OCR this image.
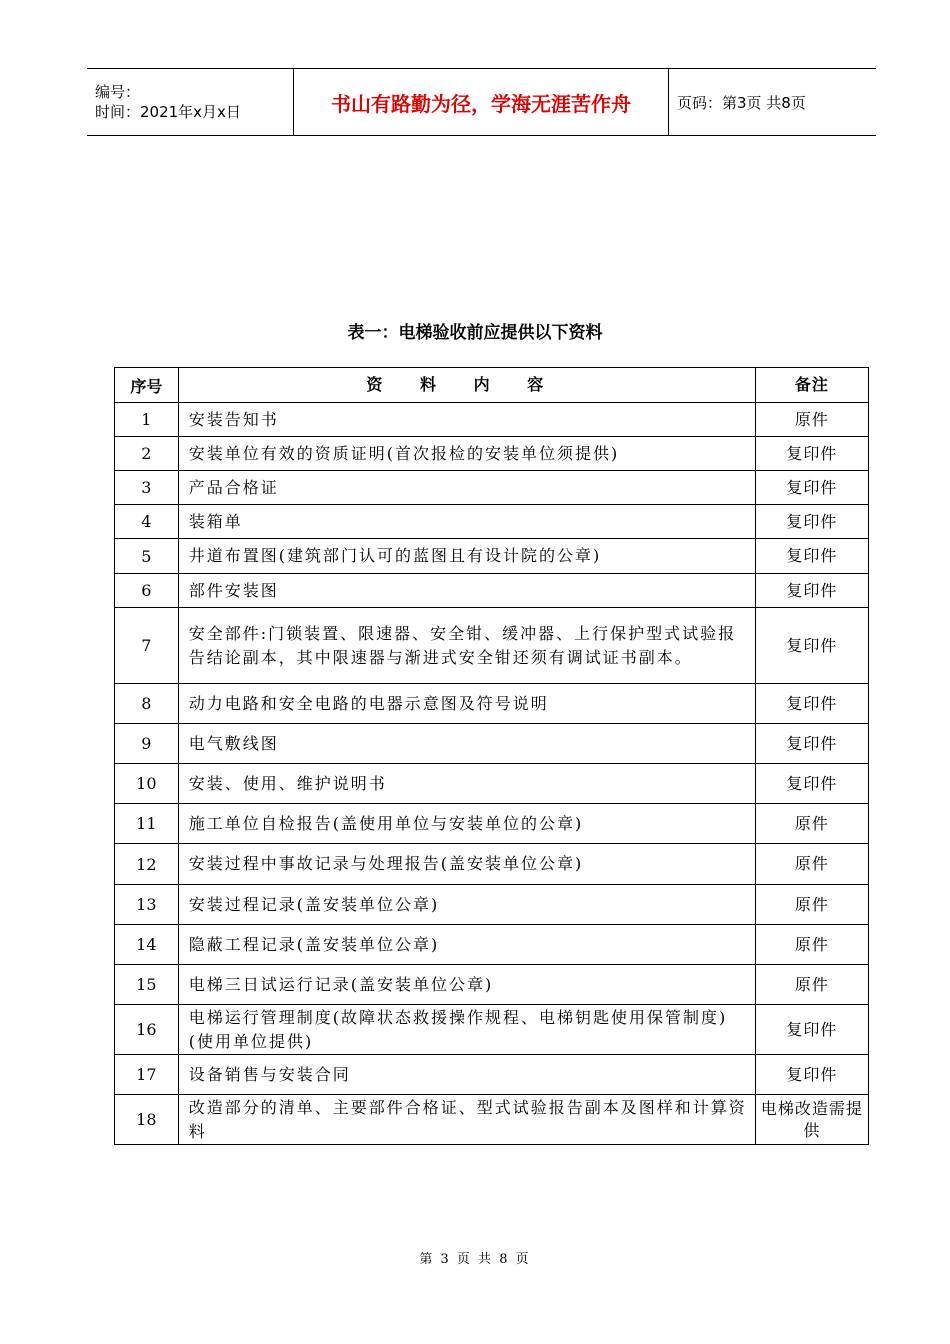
编号：
时间：2021年x月x日	书山有路勤为径，学海无涯苦作舟	页码：第3页 共8页
表一：电梯验收前应提供以下资料
序号	资 料 内 容	备注
1	安装告知书	原件
2	安装单位有效的资质证明(首次报检的安装单位须提供)	复印件
3	产品合格证	复印件
4	装箱单	复印件
5	井道布置图(建筑部门认可的蓝图且有设计院的公章)	复印件
6	部件安装图	复印件
7	安全部件:门锁装置、限速器、安全钳、缓冲器、上行保护型式试验报告结论副本，其中限速器与渐进式安全钳还须有调试证书副本。	复印件
8	动力电路和安全电路的电器示意图及符号说明	复印件
9	电气敷线图	复印件
10	安装、使用、维护说明书	复印件
11	施工单位自检报告(盖使用单位与安装单位的公章)	原件
12	安装过程中事故记录与处理报告(盖安装单位公章)	原件
13	安装过程记录(盖安装单位公章)	原件
14	隐蔽工程记录(盖安装单位公章)	原件
15	电梯三日试运行记录(盖安装单位公章)	原件
16	电梯运行管理制度(故障状态救援操作规程、电梯钥匙使用保管制度)(使用单位提供)	复印件
17	设备销售与安装合同	复印件
18	改造部分的清单、主要部件合格证、型式试验报告副本及图样和计算资料	电梯改造需提供
第 3 页 共 8 页
